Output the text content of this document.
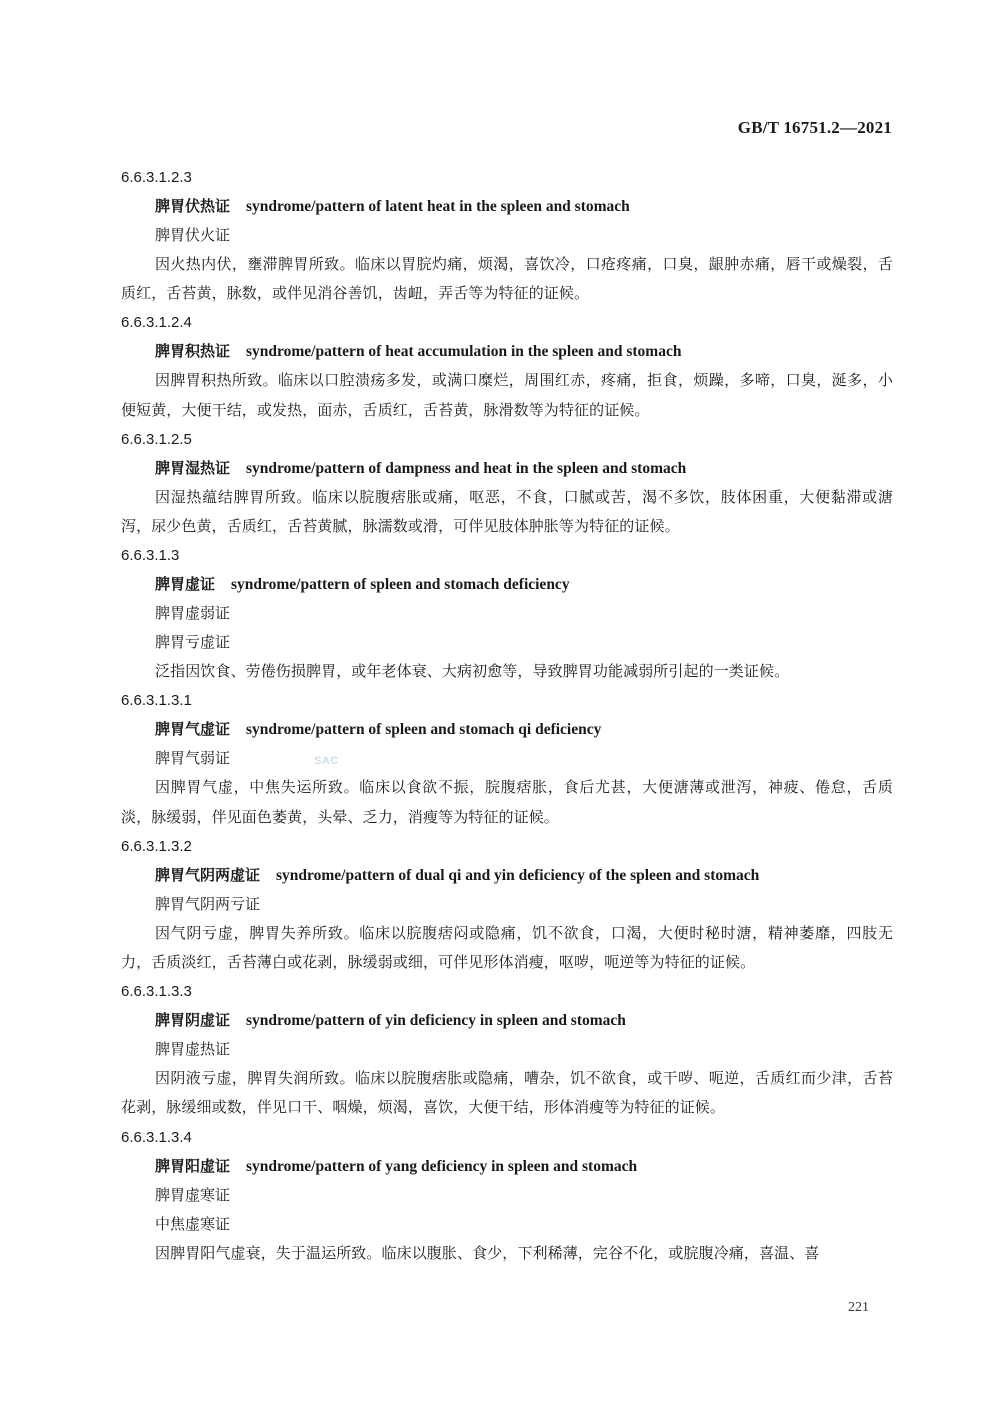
GB/T 16751.2—2021
SAC
6.6.3.1.2.3
脾胃伏热证 syndrome/pattern of latent heat in the spleen and stomach
脾胃伏火证
因火热内伏，壅滞脾胃所致。临床以胃脘灼痛，烦渴，喜饮冷，口疮疼痛，口臭，龈肿赤痛，唇干或燥裂，舌质红，舌苔黄，脉数，或伴见消谷善饥，齿衄，弄舌等为特征的证候。
6.6.3.1.2.4
脾胃积热证 syndrome/pattern of heat accumulation in the spleen and stomach
因脾胃积热所致。临床以口腔溃疡多发，或满口糜烂，周围红赤，疼痛，拒食，烦躁，多啼，口臭，涎多，小便短黄，大便干结，或发热，面赤，舌质红，舌苔黄，脉滑数等为特征的证候。
6.6.3.1.2.5
脾胃湿热证 syndrome/pattern of dampness and heat in the spleen and stomach
因湿热蕴结脾胃所致。临床以脘腹痞胀或痛，呕恶，不食，口腻或苦，渴不多饮，肢体困重，大便黏滞或溏泻，尿少色黄，舌质红，舌苔黄腻，脉濡数或滑，可伴见肢体肿胀等为特征的证候。
6.6.3.1.3
脾胃虚证 syndrome/pattern of spleen and stomach deficiency
脾胃虚弱证
脾胃亏虚证
泛指因饮食、劳倦伤损脾胃，或年老体衰、大病初愈等，导致脾胃功能减弱所引起的一类证候。
6.6.3.1.3.1
脾胃气虚证 syndrome/pattern of spleen and stomach qi deficiency
脾胃气弱证
因脾胃气虚，中焦失运所致。临床以食欲不振，脘腹痞胀，食后尤甚，大便溏薄或泄泻，神疲、倦怠，舌质淡，脉缓弱，伴见面色萎黄，头晕、乏力，消瘦等为特征的证候。
6.6.3.1.3.2
脾胃气阴两虚证 syndrome/pattern of dual qi and yin deficiency of the spleen and stomach
脾胃气阴两亏证
因气阴亏虚，脾胃失养所致。临床以脘腹痞闷或隐痛，饥不欲食，口渴，大便时秘时溏，精神萎靡，四肢无力，舌质淡红，舌苔薄白或花剥，脉缓弱或细，可伴见形体消瘦，呕哕，呃逆等为特征的证候。
6.6.3.1.3.3
脾胃阴虚证 syndrome/pattern of yin deficiency in spleen and stomach
脾胃虚热证
因阴液亏虚，脾胃失润所致。临床以脘腹痞胀或隐痛，嘈杂，饥不欲食，或干哕、呃逆，舌质红而少津，舌苔花剥，脉缓细或数，伴见口干、咽燥，烦渴，喜饮，大便干结，形体消瘦等为特征的证候。
6.6.3.1.3.4
脾胃阳虚证 syndrome/pattern of yang deficiency in spleen and stomach
脾胃虚寒证
中焦虚寒证
因脾胃阳气虚衰，失于温运所致。临床以腹胀、食少，下利稀薄，完谷不化，或脘腹冷痛，喜温、喜
221
